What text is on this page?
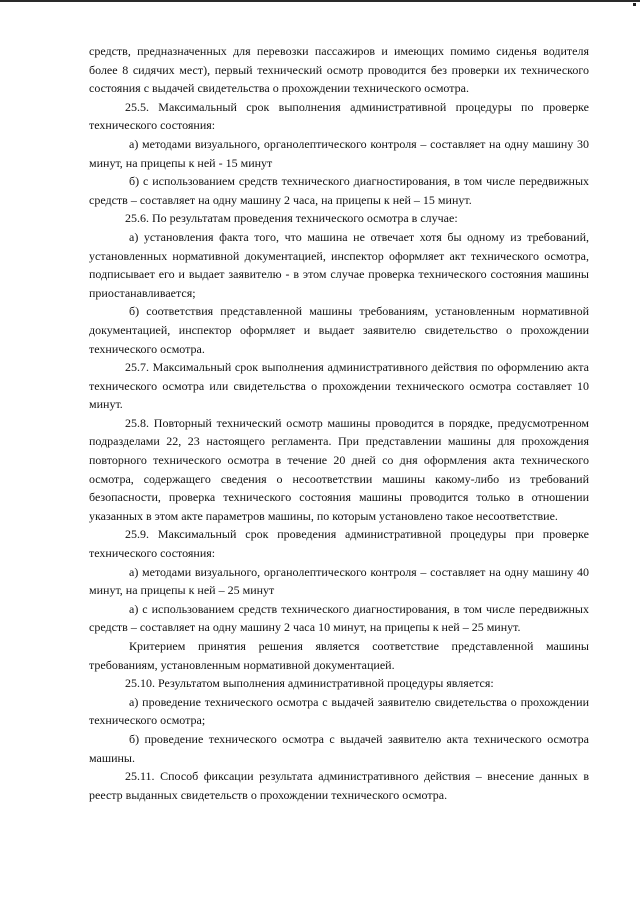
средств, предназначенных для перевозки пассажиров и имеющих помимо сиденья водителя более 8 сидячих мест), первый технический осмотр проводится без проверки их технического состояния с выдачей свидетельства о прохождении технического осмотра.

25.5. Максимальный срок выполнения административной процедуры по проверке технического состояния:

а) методами визуального, органолептического контроля – составляет на одну машину 30 минут, на прицепы к ней - 15 минут

б) с использованием средств технического диагностирования, в том числе передвижных средств – составляет на одну машину 2 часа, на прицепы к ней – 15 минут.

25.6. По результатам проведения технического осмотра в случае:

а) установления факта того, что машина не отвечает хотя бы одному из требований, установленных нормативной документацией, инспектор оформляет акт технического осмотра, подписывает его и выдает заявителю - в этом случае проверка технического состояния машины приостанавливается;

б) соответствия представленной машины требованиям, установленным нормативной документацией, инспектор оформляет и выдает заявителю свидетельство о прохождении технического осмотра.

25.7. Максимальный срок выполнения административного действия по оформлению акта технического осмотра или свидетельства о прохождении технического осмотра составляет 10 минут.

25.8. Повторный технический осмотр машины проводится в порядке, предусмотренном подразделами 22, 23 настоящего регламента. При представлении машины для прохождения повторного технического осмотра в течение 20 дней со дня оформления акта технического осмотра, содержащего сведения о несоответствии машины какому-либо из требований безопасности, проверка технического состояния машины проводится только в отношении указанных в этом акте параметров машины, по которым установлено такое несоответствие.

25.9. Максимальный срок проведения административной процедуры при проверке технического состояния:

а) методами визуального, органолептического контроля – составляет на одну машину 40 минут, на прицепы к ней – 25 минут

а) с использованием средств технического диагностирования, в том числе передвижных средств – составляет на одну машину 2 часа 10 минут, на прицепы к ней – 25 минут.

Критерием принятия решения является соответствие представленной машины требованиям, установленным нормативной документацией.

25.10. Результатом выполнения административной процедуры является:

а) проведение технического осмотра с выдачей заявителю свидетельства о прохождении технического осмотра;

б) проведение технического осмотра с выдачей заявителю акта технического осмотра машины.

25.11. Способ фиксации результата административного действия – внесение данных в реестр выданных свидетельств о прохождении технического осмотра.
